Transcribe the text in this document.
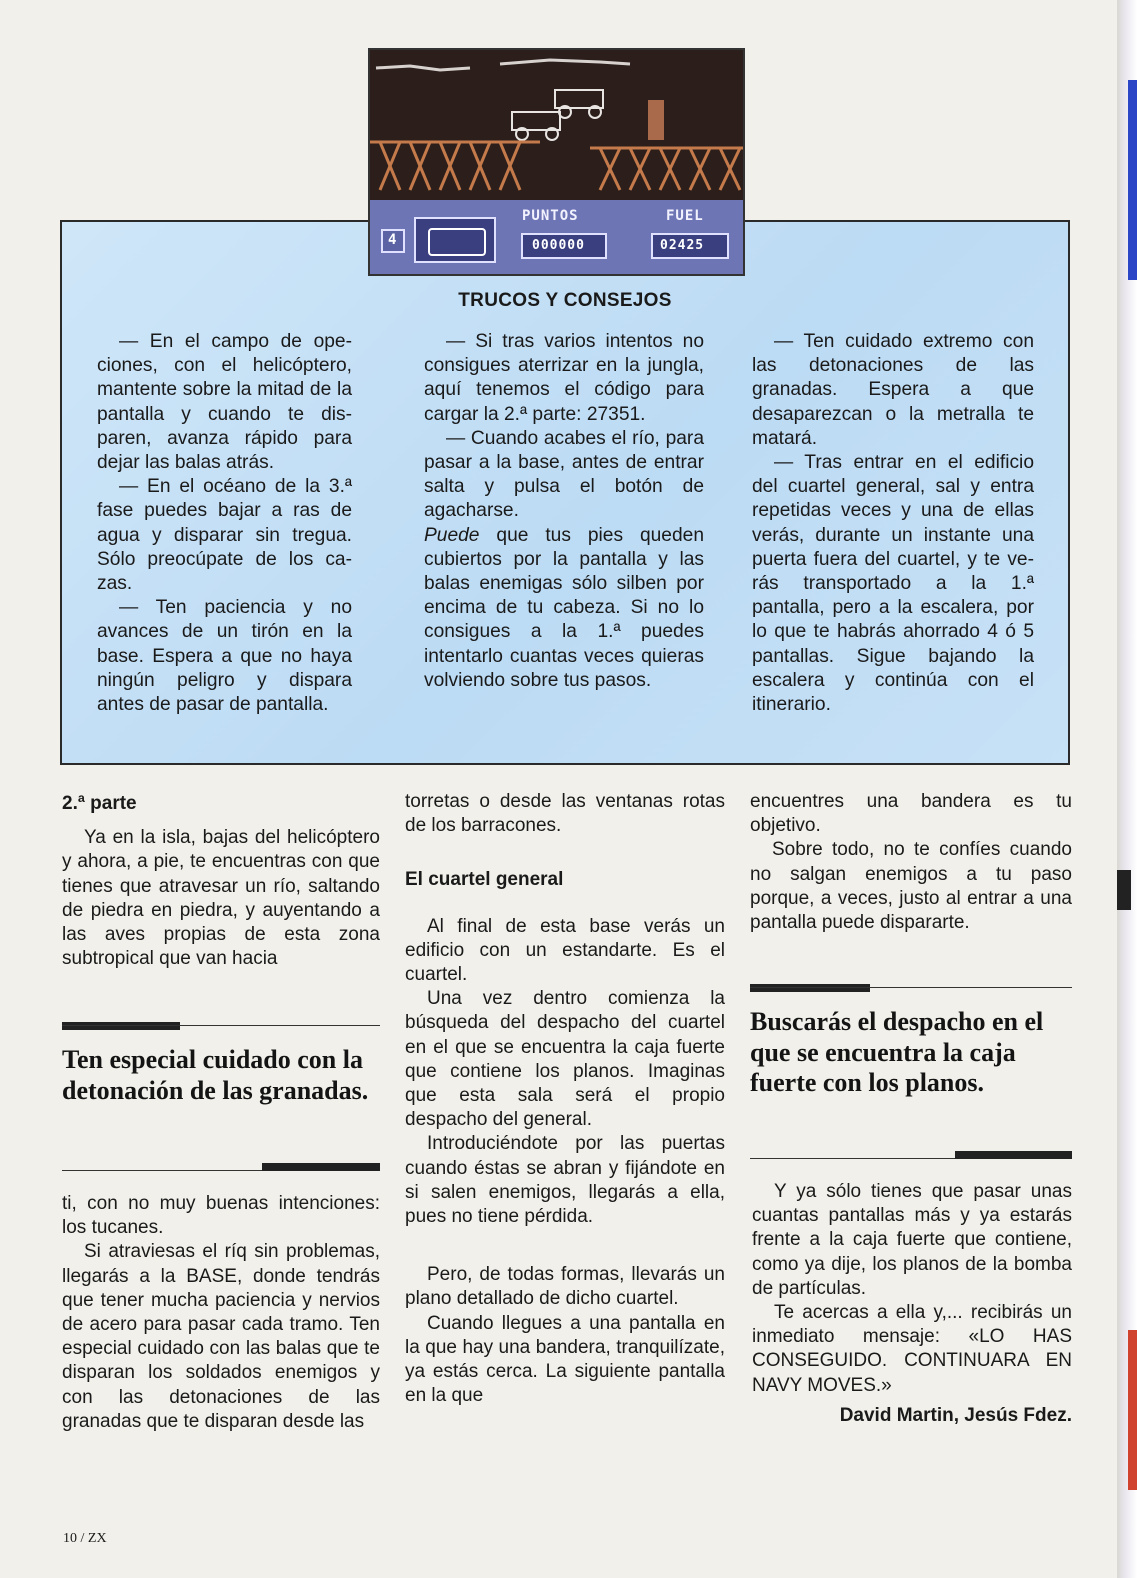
4
PUNTOS	FUEL
000000	02425
TRUCOS Y CONSEJOS

— En el campo de opeciones, con el helicóptero, mantente sobre la mitad de la pantalla y cuando te disparen, avanza rápido para dejar las balas atrás.

— En el océano de la 3.ª fase puedes bajar a ras de agua y disparar sin tregua. Sólo preocúpate de los cazas.

— Ten paciencia y no avances de un tirón en la base. Espera a que no haya ningún peligro y dispara antes de pasar de pantalla.

— Si tras varios intentos no consigues aterrizar en la jungla, aquí tenemos el código para cargar la 2.ª parte: 27351.

— Cuando acabes el río, para pasar a la base, antes de entrar salta y pulsa el botón de agacharse.

Puede que tus pies queden cubiertos por la pantalla y las balas enemigas sólo silben por encima de tu cabeza. Si no lo consigues a la 1.ª puedes intentarlo cuantas veces quieras volviendo sobre tus pasos.

— Ten cuidado extremo con las detonaciones de las granadas. Espera a que desaparezcan o la metralla te matará.

— Tras entrar en el edificio del cuartel general, sal y entra repetidas veces y una de ellas verás, durante un instante una puerta fuera del cuartel, y te verás transportado a la 1.ª pantalla, pero a la escalera, por lo que te habrás ahorrado 4 ó 5 pantallas. Sigue bajando la escalera y continúa con el itinerario.

2.ª parte

Ya en la isla, bajas del helicóptero y ahora, a pie, te encuentras con que tienes que atravesar un río, saltando de piedra en piedra, y auyentando a las aves propias de esta zona subtropical que van hacia

Ten especial cuidado con la detonación de las granadas.

ti, con no muy buenas intenciones: los tucanes.

Si atraviesas el ríq sin problemas, llegarás a la BASE, donde tendrás que tener mucha paciencia y nervios de acero para pasar cada tramo. Ten especial cuidado con las balas que te disparan los soldados enemigos y con las detonaciones de las granadas que te disparan desde las

torretas o desde las ventanas rotas de los barracones.

El cuartel general

Al final de esta base verás un edificio con un estandarte. Es el cuartel.

Una vez dentro comienza la búsqueda del despacho del cuartel en el que se encuentra la caja fuerte que contiene los planos. Imaginas que esta sala será el propio despacho del general.

Introduciéndote por las puertas cuando éstas se abran y fijándote en si salen enemigos, llegarás a ella, pues no tiene pérdida.

Pero, de todas formas, llevarás un plano detallado de dicho cuartel.

Cuando llegues a una pantalla en la que hay una bandera, tranquilízate, ya estás cerca. La siguiente pantalla en la que

encuentres una bandera es tu objetivo.

Sobre todo, no te confíes cuando no salgan enemigos a tu paso porque, a veces, justo al entrar a una pantalla puede dispararte.

Buscarás el despacho en el que se encuentra la caja fuerte con los planos.

Y ya sólo tienes que pasar unas cuantas pantallas más y ya estarás frente a la caja fuerte que contiene, como ya dije, los planos de la bomba de partículas.

Te acercas a ella y,... recibirás un inmediato mensaje: «LO HAS CONSEGUIDO. CONTINUARA EN NAVY MOVES.»

David Martin, Jesús Fdez.
10 / ZX
